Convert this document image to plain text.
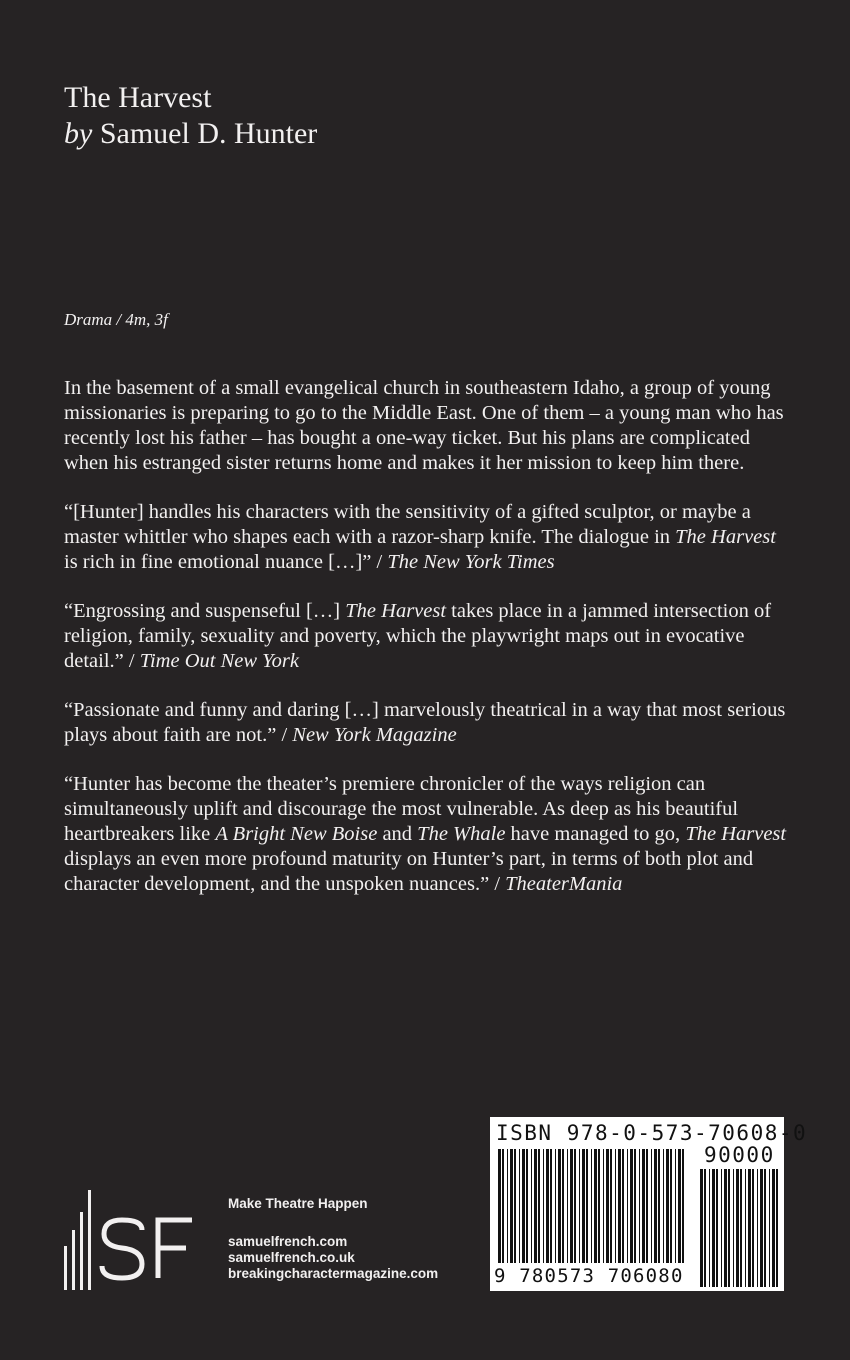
The Harvest
by Samuel D. Hunter
Drama / 4m, 3f

In the basement of a small evangelical church in southeastern Idaho, a group of young missionaries is preparing to go to the Middle East. One of them – a young man who has recently lost his father – has bought a one-way ticket. But his plans are complicated when his estranged sister returns home and makes it her mission to keep him there.

“[Hunter] handles his characters with the sensitivity of a gifted sculptor, or maybe a master whittler who shapes each with a razor-sharp knife. The dialogue in The Harvest is rich in fine emotional nuance […]” / The New York Times

“Engrossing and suspenseful […] The Harvest takes place in a jammed intersection of religion, family, sexuality and poverty, which the playwright maps out in evocative detail.” / Time Out New York

“Passionate and funny and daring […] marvelously theatrical in a way that most serious plays about faith are not.” / New York Magazine

“Hunter has become the theater’s premiere chronicler of the ways religion can simultaneously uplift and discourage the most vulnerable. As deep as his beautiful heartbreakers like A Bright New Boise and The Whale have managed to go, The Harvest displays an even more profound maturity on Hunter’s part, in terms of both plot and character development, and the unspoken nuances.” / TheaterMania

Make Theatre Happen
samuelfrench.com
samuelfrench.co.uk
breakingcharactermagazine.com
ISBN 978-0-573-70608-0
90000
9 780573 706080
